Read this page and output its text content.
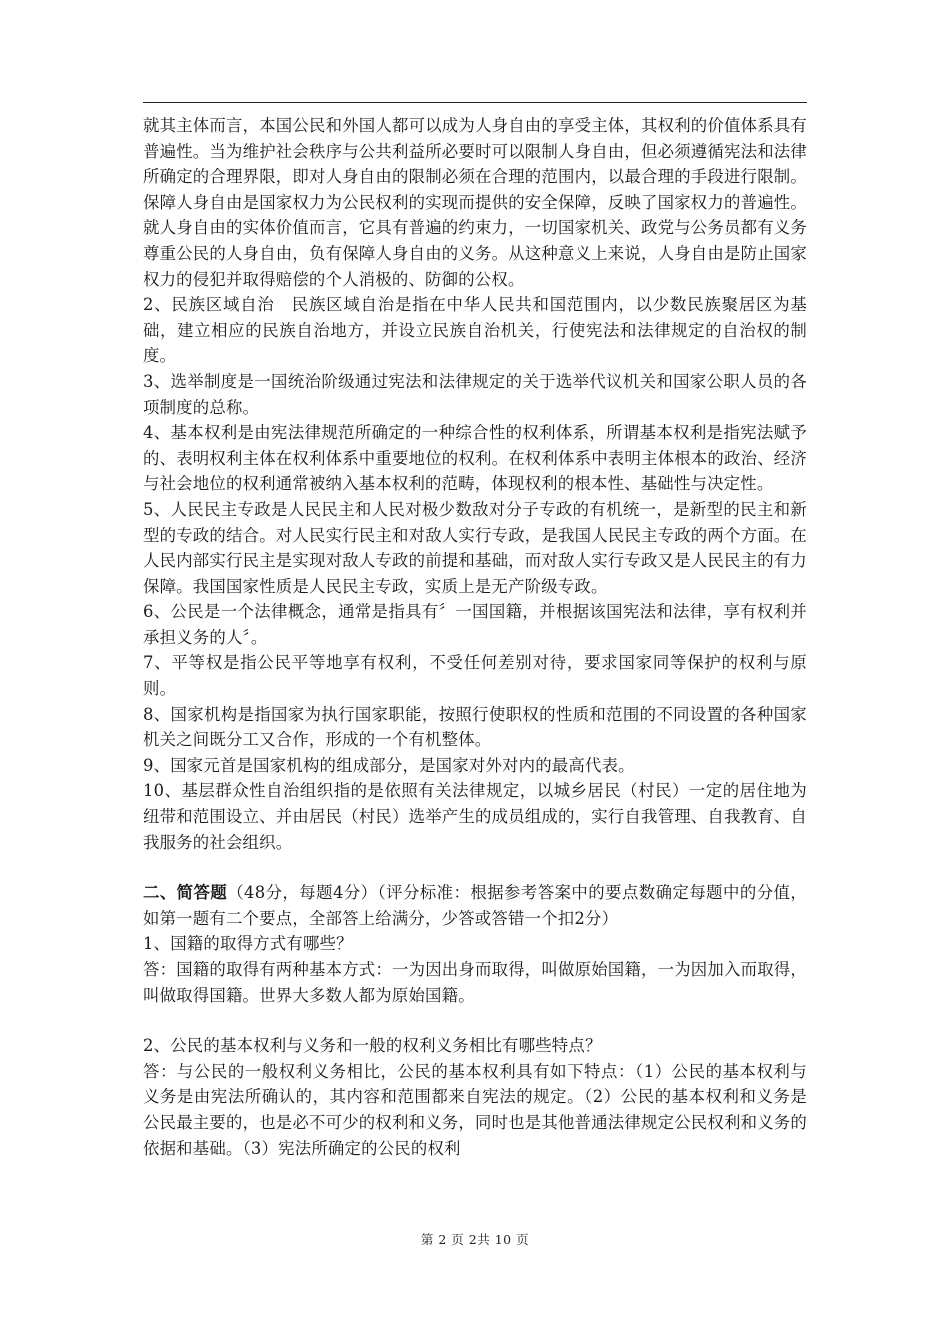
就其主体而言，本国公民和外国人都可以成为人身自由的享受主体，其权利的价值体系具有普遍性。当为维护社会秩序与公共利益所必要时可以限制人身自由，但必须遵循宪法和法律所确定的合理界限，即对人身自由的限制必须在合理的范围内，以最合理的手段进行限制。保障人身自由是国家权力为公民权利的实现而提供的安全保障，反映了国家权力的普遍性。就人身自由的实体价值而言，它具有普遍的约束力，一切国家机关、政党与公务员都有义务尊重公民的人身自由，负有保障人身自由的义务。从这种意义上来说，人身自由是防止国家权力的侵犯并取得赔偿的个人消极的、防御的公权。

2、民族区域自治　民族区域自治是指在中华人民共和国范围内，以少数民族聚居区为基础，建立相应的民族自治地方，并设立民族自治机关，行使宪法和法律规定的自治权的制度。

3、选举制度是一国统治阶级通过宪法和法律规定的关于选举代议机关和国家公职人员的各项制度的总称。

4、基本权利是由宪法律规范所确定的一种综合性的权利体系，所谓基本权利是指宪法赋予的、表明权利主体在权利体系中重要地位的权利。在权利体系中表明主体根本的政治、经济与社会地位的权利通常被纳入基本权利的范畴，体现权利的根本性、基础性与决定性。

5、人民民主专政是人民民主和人民对极少数敌对分子专政的有机统一，是新型的民主和新型的专政的结合。对人民实行民主和对敌人实行专政，是我国人民民主专政的两个方面。在人民内部实行民主是实现对敌人专政的前提和基础，而对敌人实行专政又是人民民主的有力保障。我国国家性质是人民民主专政，实质上是无产阶级专政。

6、公民是一个法律概念，通常是指具有〞一国国籍，并根据该国宪法和法律，享有权利并承担义务的人〞。

7、平等权是指公民平等地享有权利，不受任何差别对待，要求国家同等保护的权利与原则。

8、国家机构是指国家为执行国家职能，按照行使职权的性质和范围的不同设置的各种国家机关之间既分工又合作，形成的一个有机整体。

9、国家元首是国家机构的组成部分，是国家对外对内的最高代表。

10、基层群众性自治组织指的是依照有关法律规定，以城乡居民（村民）一定的居住地为纽带和范围设立、并由居民（村民）选举产生的成员组成的，实行自我管理、自我教育、自我服务的社会组织。

二、简答题（48分，每题4分）（评分标准：根据参考答案中的要点数确定每题中的分值，如第一题有二个要点，全部答上给满分，少答或答错一个扣2分）

1、国籍的取得方式有哪些？

答：国籍的取得有两种基本方式：一为因出身而取得，叫做原始国籍，一为因加入而取得，叫做取得国籍。世界大多数人都为原始国籍。

2、公民的基本权利与义务和一般的权利义务相比有哪些特点？

答：与公民的一般权利义务相比，公民的基本权利具有如下特点：（1）公民的基本权利与义务是由宪法所确认的，其内容和范围都来自宪法的规定。（2）公民的基本权利和义务是公民最主要的，也是必不可少的权利和义务，同时也是其他普通法律规定公民权利和义务的依据和基础。（3）宪法所确定的公民的权利

第 2 页 2共 10 页
